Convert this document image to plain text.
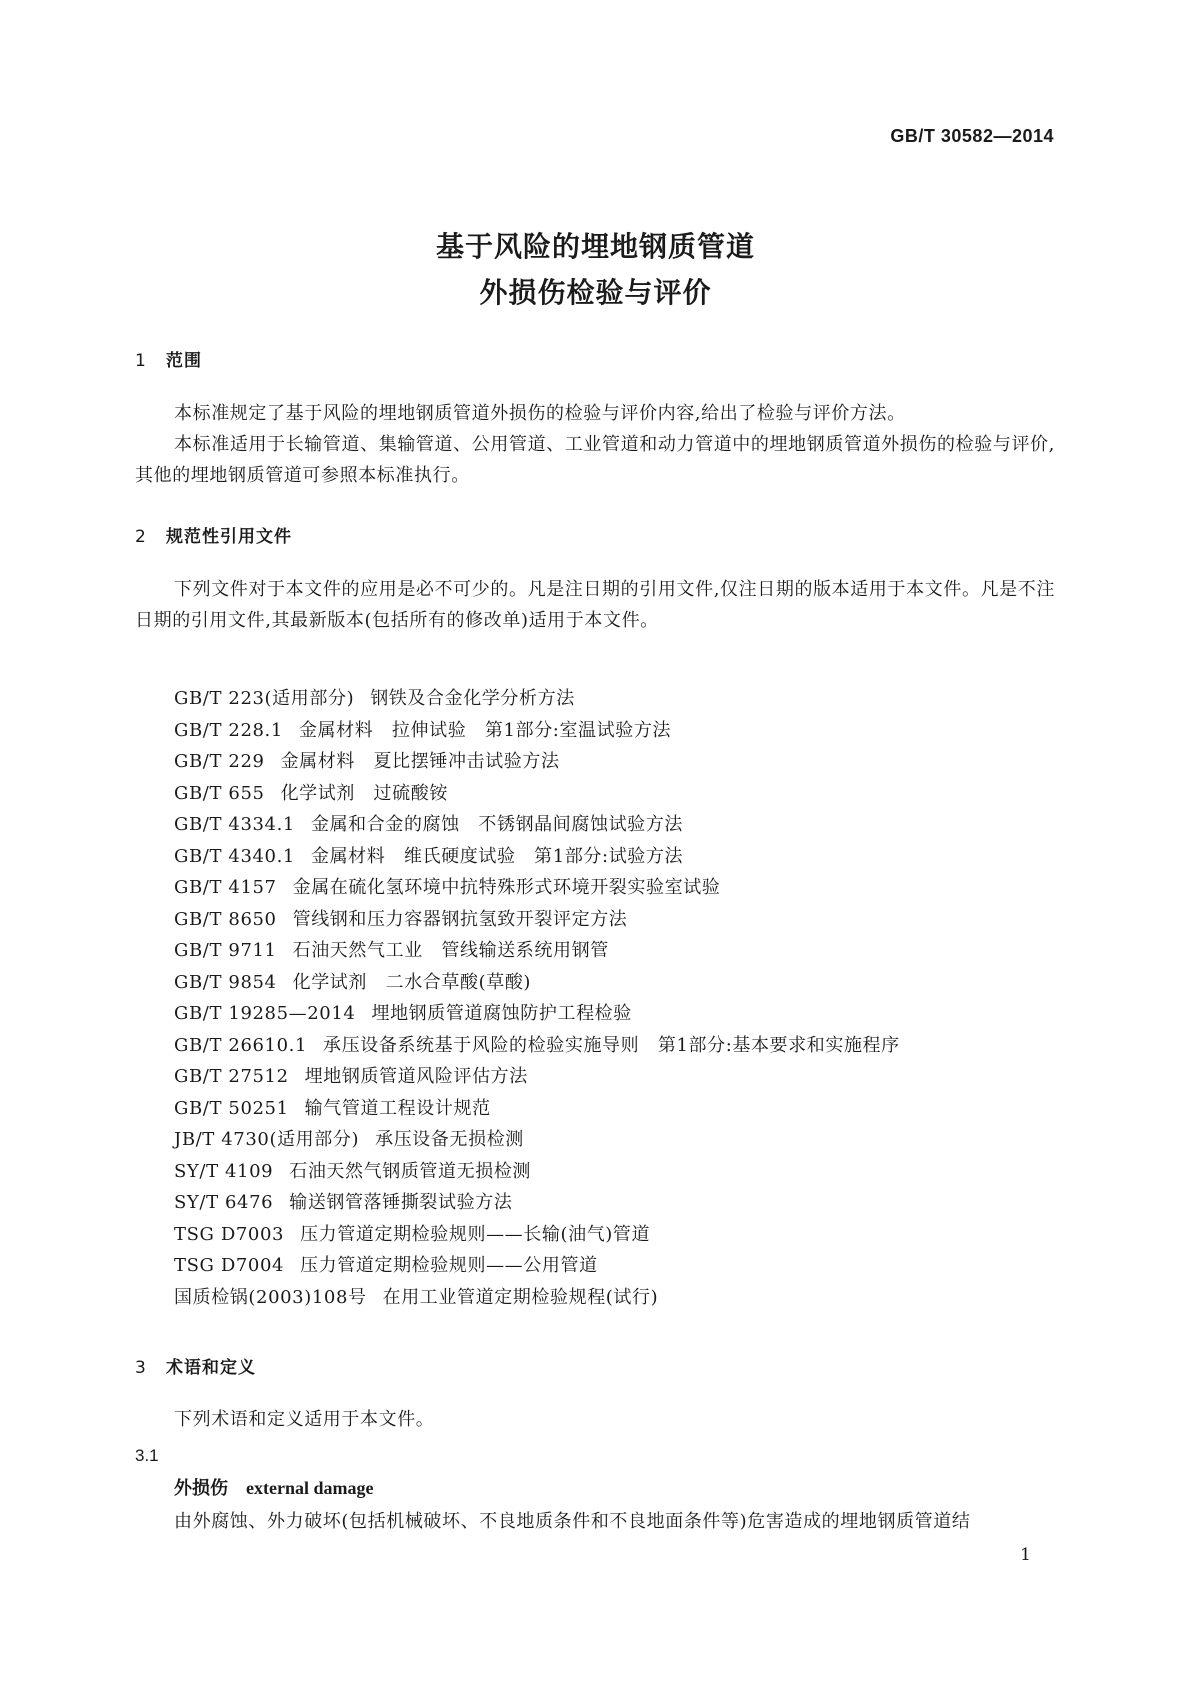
GB/T 30582—2014
基于风险的埋地钢质管道
外损伤检验与评价
1 范围
本标准规定了基于风险的埋地钢质管道外损伤的检验与评价内容,给出了检验与评价方法。
本标准适用于长输管道、集输管道、公用管道、工业管道和动力管道中的埋地钢质管道外损伤的检验与评价,其他的埋地钢质管道可参照本标准执行。
2 规范性引用文件
下列文件对于本文件的应用是必不可少的。凡是注日期的引用文件,仅注日期的版本适用于本文件。凡是不注日期的引用文件,其最新版本(包括所有的修改单)适用于本文件。
GB/T 223(适用部分) 钢铁及合金化学分析方法
GB/T 228.1 金属材料　拉伸试验　第1部分:室温试验方法
GB/T 229 金属材料　夏比摆锤冲击试验方法
GB/T 655 化学试剂　过硫酸铵
GB/T 4334.1 金属和合金的腐蚀　不锈钢晶间腐蚀试验方法
GB/T 4340.1 金属材料　维氏硬度试验　第1部分:试验方法
GB/T 4157 金属在硫化氢环境中抗特殊形式环境开裂实验室试验
GB/T 8650 管线钢和压力容器钢抗氢致开裂评定方法
GB/T 9711 石油天然气工业　管线输送系统用钢管
GB/T 9854 化学试剂　二水合草酸(草酸)
GB/T 19285—2014 埋地钢质管道腐蚀防护工程检验
GB/T 26610.1 承压设备系统基于风险的检验实施导则　第1部分:基本要求和实施程序
GB/T 27512 埋地钢质管道风险评估方法
GB/T 50251 输气管道工程设计规范
JB/T 4730(适用部分) 承压设备无损检测
SY/T 4109 石油天然气钢质管道无损检测
SY/T 6476 输送钢管落锤撕裂试验方法
TSG D7003 压力管道定期检验规则——长输(油气)管道
TSG D7004 压力管道定期检验规则——公用管道
国质检锅(2003)108号 在用工业管道定期检验规程(试行)
3 术语和定义
下列术语和定义适用于本文件。
3.1
外损伤 external damage
由外腐蚀、外力破坏(包括机械破坏、不良地质条件和不良地面条件等)危害造成的埋地钢质管道结
1
